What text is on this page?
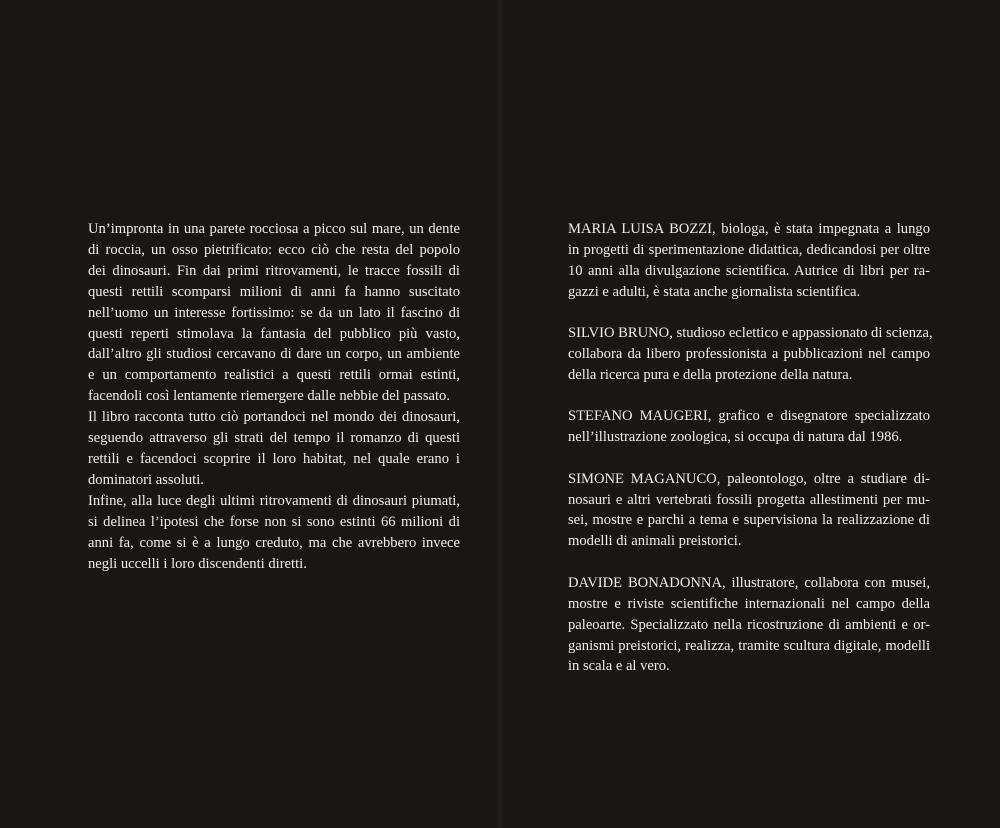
Un’impronta in una parete rocciosa a picco sul mare, un dente
di roccia, un osso pietrificato: ecco ciò che resta del popolo
dei dinosauri. Fin dai primi ritrovamenti, le tracce fossili di
questi rettili scomparsi milioni di anni fa hanno suscitato
nell’uomo un interesse fortissimo: se da un lato il fascino di
questi reperti stimolava la fantasia del pubblico più vasto,
dall’altro gli studiosi cercavano di dare un corpo, un ambiente
e un comportamento realistici a questi rettili ormai estinti,
facendoli così lentamente riemergere dalle nebbie del passato.
Il libro racconta tutto ciò portandoci nel mondo dei dinosauri,
seguendo attraverso gli strati del tempo il romanzo di questi
rettili e facendoci scoprire il loro habitat, nel quale erano i
dominatori assoluti.
Infine, alla luce degli ultimi ritrovamenti di dinosauri piumati,
si delinea l’ipotesi che forse non si sono estinti 66 milioni di
anni fa, come si è a lungo creduto, ma che avrebbero invece
negli uccelli i loro discendenti diretti.
MARIA LUISA BOZZI, biologa, è stata impegnata a lungo
in progetti di sperimentazione didattica, dedicandosi per oltre
10 anni alla divulgazione scientifica. Autrice di libri per ra-
gazzi e adulti, è stata anche giornalista scientifica.
SILVIO BRUNO, studioso eclettico e appassionato di scienza,
collabora da libero professionista a pubblicazioni nel campo
della ricerca pura e della protezione della natura.
STEFANO MAUGERI, grafico e disegnatore specializzato
nell’illustrazione zoologica, si occupa di natura dal 1986.
SIMONE MAGANUCO, paleontologo, oltre a studiare di-
nosauri e altri vertebrati fossili progetta allestimenti per mu-
sei, mostre e parchi a tema e supervisiona la realizzazione di
modelli di animali preistorici.
DAVIDE BONADONNA, illustratore, collabora con musei,
mostre e riviste scientifiche internazionali nel campo della
paleoarte. Specializzato nella ricostruzione di ambienti e or-
ganismi preistorici, realizza, tramite scultura digitale, modelli
in scala e al vero.
